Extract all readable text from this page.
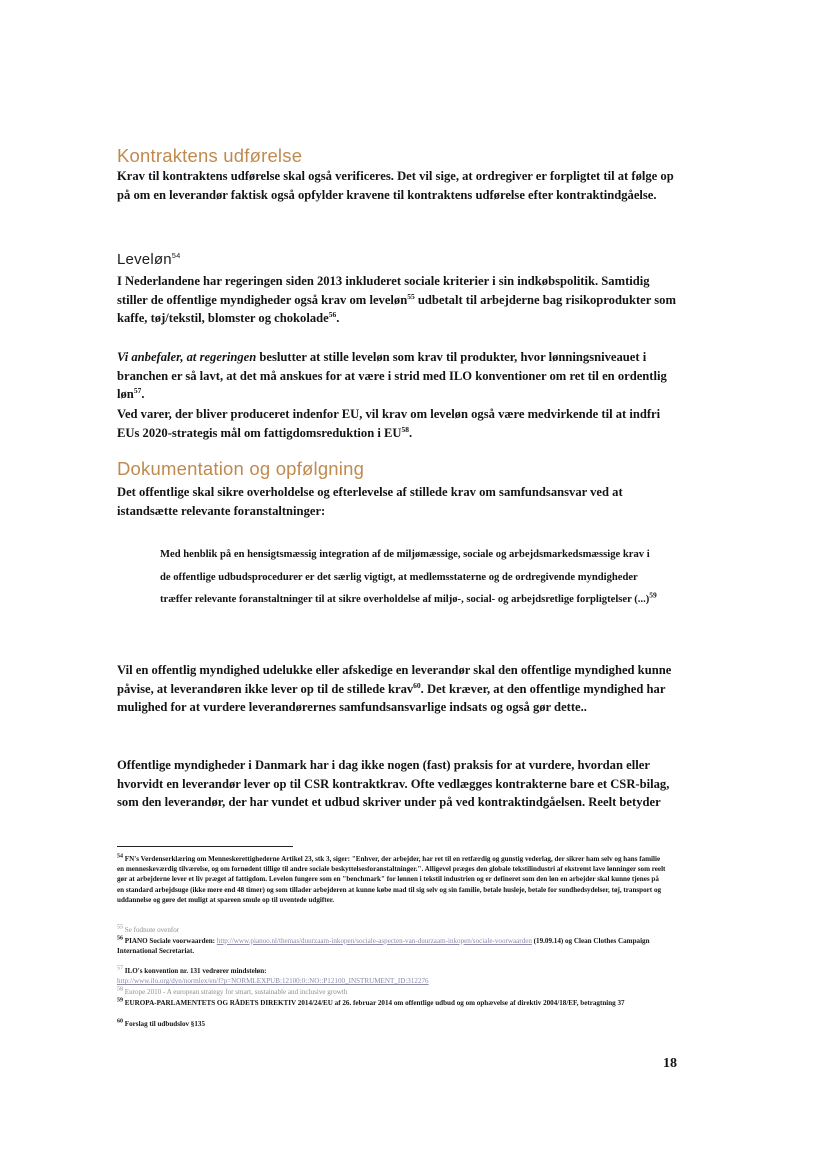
Kontraktens udførelse

Krav til kontraktens udførelse skal også verificeres. Det vil sige, at ordregiver er forpligtet til at følge op på om en leverandør faktisk også opfylder kravene til kontraktens udførelse efter kontraktindgåelse.

Leveløn$^{54}$

I Nederlandene har regeringen siden 2013 inkluderet sociale kriterier i sin indkøbspolitik. Samtidig stiller de offentlige myndigheder også krav om leveløn$^{55}$ udbetalt til arbejderne bag risikoprodukter som kaffe, tøj/tekstil, blomster og chokolade$^{56}$.

Vi anbefaler, at regeringen beslutter at stille leveløn som krav til produkter, hvor lønningsniveauet i branchen er så lavt, at det må anskues for at være i strid med ILO konventioner om ret til en ordentlig løn$^{57}$.

Ved varer, der bliver produceret indenfor EU, vil krav om leveløn også være medvirkende til at indfri EUs 2020-strategis mål om fattigdomsreduktion i EU$^{58}$.

Dokumentation og opfølgning

Det offentlige skal sikre overholdelse og efterlevelse af stillede krav om samfundsansvar ved at istandsætte relevante foranstaltninger:

Med henblik på en hensigtsmæssig integration af de miljømæssige, sociale og arbejdsmarkedsmæssige krav i de offentlige udbudsprocedurer er det særlig vigtigt, at medlemsstaterne og de ordregivende myndigheder træffer relevante foranstaltninger til at sikre overholdelse af miljø-, social- og arbejdsretlige forpligtelser (...)$^{59}$

Vil en offentlig myndighed udelukke eller afskedige en leverandør skal den offentlige myndighed kunne påvise, at leverandøren ikke lever op til de stillede krav$^{60}$. Det kræver, at den offentlige myndighed har mulighed for at vurdere leverandørernes samfundsansvarlige indsats og også gør dette..

Offentlige myndigheder i Danmark har i dag ikke nogen (fast) praksis for at vurdere, hvordan eller hvorvidt en leverandør lever op til CSR kontraktkrav. Ofte vedlægges kontrakterne bare et CSR-bilag, som den leverandør, der har vundet et udbud skriver under på ved kontraktindgåelsen. Reelt betyder

$^{54}$ FN's Verdenserklæring om Menneskerettighederne Artikel 23, stk 3, siger: "Enhver, der arbejder, har ret til en retfærdig og gunstig vederlag, der sikrer ham selv og hans familie en menneskeværdig tilværelse, og om fornødent tillige til andre sociale beskyttelsesforanstaltninger.". Alligevel præges den globale tekstilindustri af ekstremt lave lønninger som reelt gør at arbejderne lever et liv præget af fattigdom. Levelon fungere som en "benchmark" for lønnen i tekstil industrien og er defineret som den løn en arbejder skal kunne tjenes på en standard arbejdsuge (ikke mere end 48 timer) og som tillader arbejderen at kunne købe mad til sig selv og sin familie, betale husleje, betale for sundhedsydelser, tøj, transport og uddannelse og gøre det muligt at spareen smule op til uventede udgifter.

$^{55}$ Se fodnote ovenfor

$^{56}$ PIANO Sociale voorwaarden: http://www.pianoo.nl/themas/duurzaam-inkopen/sociale-aspecten-van-duurzaam-inkopen/sociale-voorwaarden (19.09.14) og Clean Clothes Campaign International Secretariat.

$^{57}$ ILO's konvention nr. 131 vedrører mindsteløn:
http://www.ilo.org/dyn/normlex/en/f?p=NORMLEXPUB:12100:0::NO::P12100_INSTRUMENT_ID:312276

$^{58}$ Europe 2010 - A european strategy for smart, sustainable and inclusive growth

$^{59}$ EUROPA-PARLAMENTETS OG RÅDETS DIREKTIV 2014/24/EU af 26. februar 2014 om offentlige udbud og om ophævelse af direktiv 2004/18/EF, betragtning 37

$^{60}$ Forslag til udbudslov §135

18
